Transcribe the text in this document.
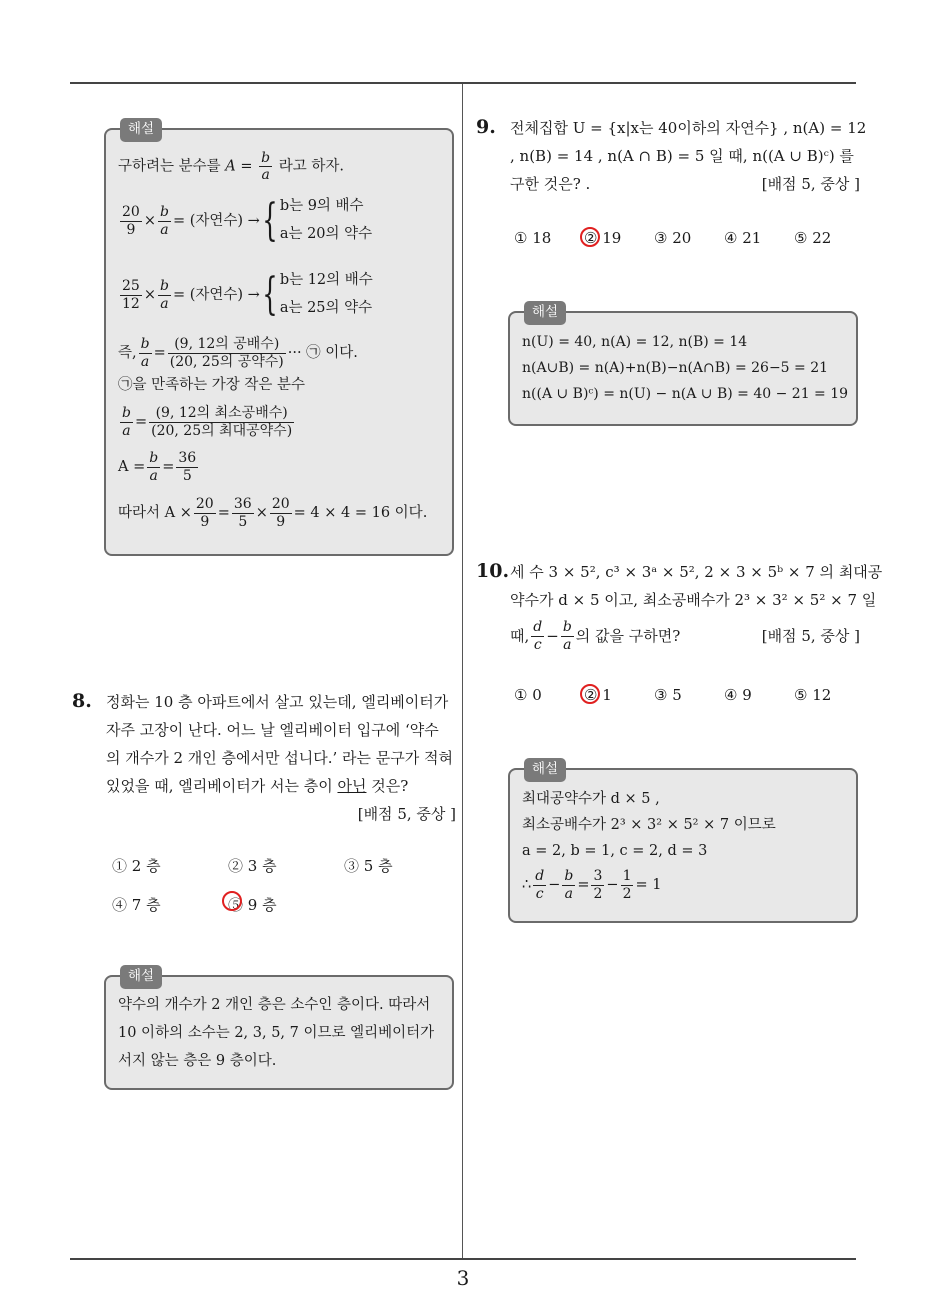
3
해설
구하려는 분수를 $A = \frac{b}{a}$ 라고 하자.
$\frac{20}{9} \times \frac{b}{a}$ = (자연수) → { b는 9의 배수
a는 20의 약수
$\frac{25}{12} \times \frac{b}{a}$ = (자연수) → { b는 12의 배수
a는 25의 약수
즉, $\frac{b}{a} = \frac{\text{(9, 12의 공배수)}}{\text{(20, 25의 공약수)}}$ ··· ㉠ 이다.
㉠을 만족하는 가장 작은 분수
$\frac{b}{a} = \frac{\text{(9, 12의 최소공배수)}}{\text{(20, 25의 최대공약수)}}$
$A = \frac{b}{a} = \frac{36}{5}$
따라서 $A \times \frac{20}{9} = \frac{36}{5} \times \frac{20}{9} = 4 \times 4 = 16$ 이다.
8. 정화는 10 층 아파트에서 살고 있는데, 엘리베이터가
자주 고장이 난다. 어느 날 엘리베이터 입구에 ‘약수
의 개수가 2 개인 층에서만 섭니다.’ 라는 문구가 적혀
있었을 때, 엘리베이터가 서는 층이 아닌 것은?
[배점 5, 중상 ]
① 2 층	② 3 층	③ 5 층
④ 7 층	⑤ 9 층
해설
약수의 개수가 2 개인 층은 소수인 층이다. 따라서
10 이하의 소수는 2, 3, 5, 7 이므로 엘리베이터가
서지 않는 층은 9 층이다.
9. 전체집합 U = {x|x는 40이하의 자연수} , n(A) = 12
, n(B) = 14 , n(A ∩ B) = 5 일 때, n((A ∪ B)ᶜ) 를
구한 것은? .	[배점 5, 중상 ]
① 18 ② 19 ③ 20 ④ 21 ⑤ 22
해설
n(U) = 40, n(A) = 12, n(B) = 14
n(A∪B) = n(A)+n(B)−n(A∩B) = 26−5 = 21
n((A ∪ B)ᶜ) = n(U) − n(A ∪ B) = 40 − 21 = 19
10. 세 수 3 × 5², c³ × 3ᵃ × 5², 2 × 3 × 5ᵇ × 7 의 최대공
약수가 d × 5 이고, 최소공배수가 2³ × 3² × 5² × 7 일
때, $\frac{d}{c} - \frac{b}{a}$ 의 값을 구하면?	[배점 5, 중상 ]
① 0	② 1	③ 5	④ 9	⑤ 12
해설
최대공약수가 d × 5 ,
최소공배수가 2³ × 3² × 5² × 7 이므로
a = 2, b = 1, c = 2, d = 3
∴ $\frac{d}{c} - \frac{b}{a} = \frac{3}{2} - \frac{1}{2} = 1$
